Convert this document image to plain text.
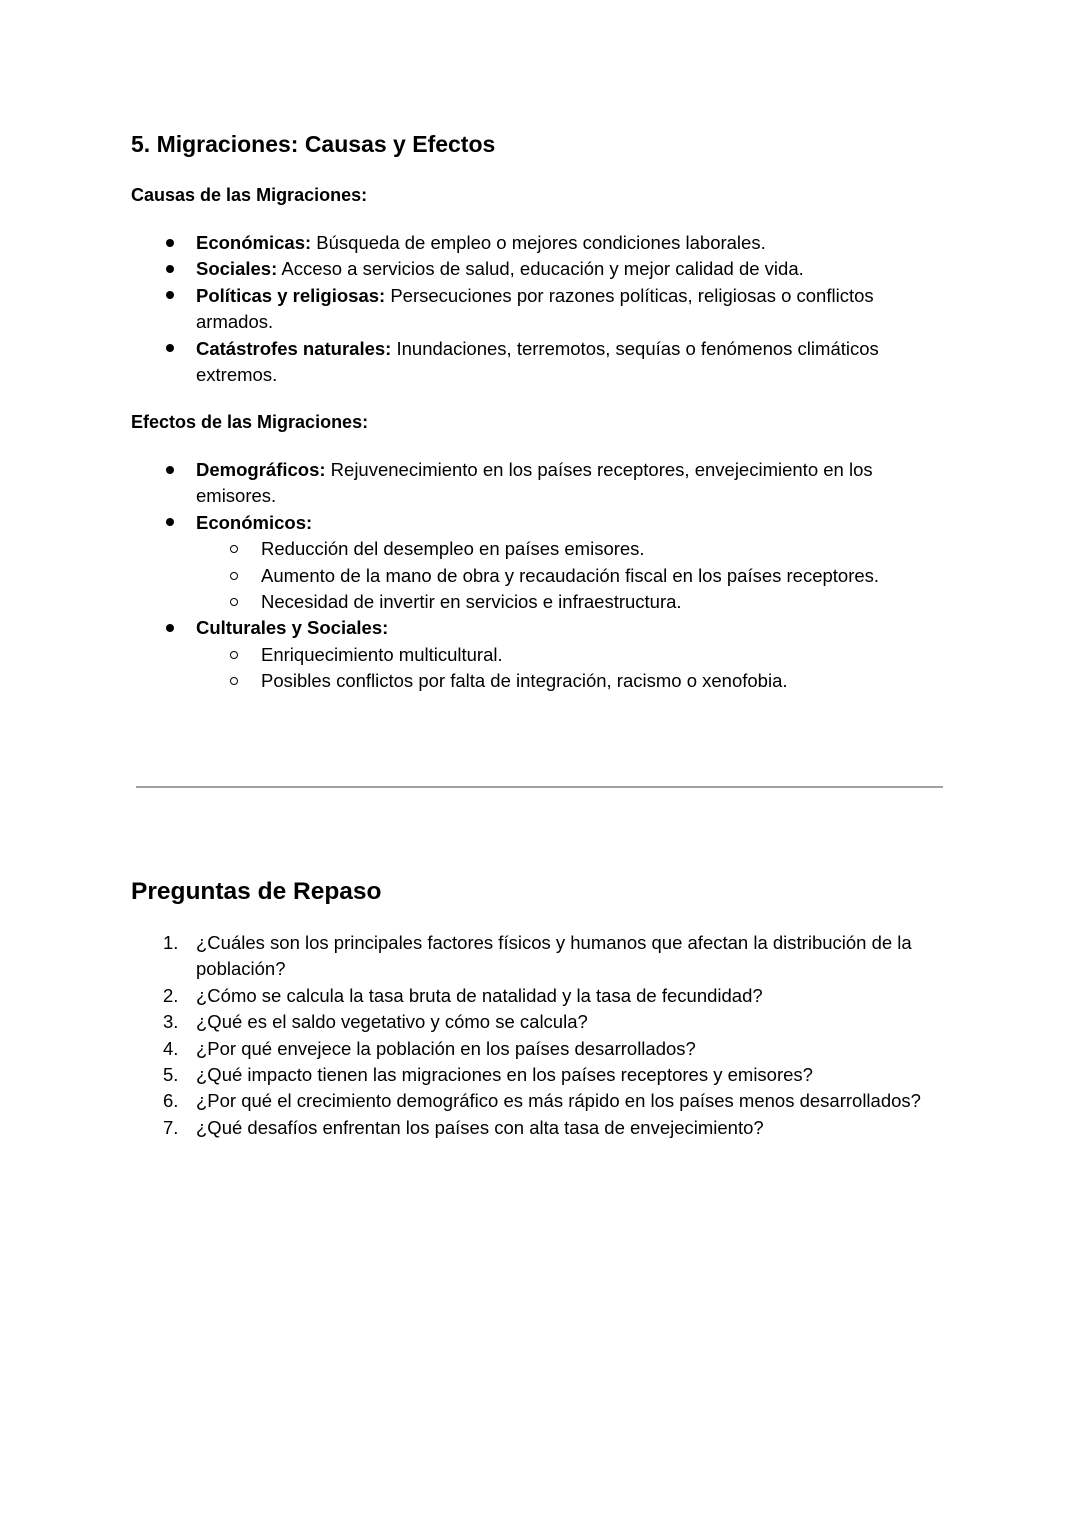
5. Migraciones: Causas y Efectos

Causas de las Migraciones:

Económicas: Búsqueda de empleo o mejores condiciones laborales.
Sociales: Acceso a servicios de salud, educación y mejor calidad de vida.
Políticas y religiosas: Persecuciones por razones políticas, religiosas o conflictos armados.
Catástrofes naturales: Inundaciones, terremotos, sequías o fenómenos climáticos extremos.

Efectos de las Migraciones:

Demográficos: Rejuvenecimiento en los países receptores, envejecimiento en los emisores.
Económicos:
Reducción del desempleo en países emisores.
Aumento de la mano de obra y recaudación fiscal en los países receptores.
Necesidad de invertir en servicios e infraestructura.
Culturales y Sociales:
Enriquecimiento multicultural.
Posibles conflictos por falta de integración, racismo o xenofobia.
Preguntas de Repaso
1. ¿Cuáles son los principales factores físicos y humanos que afectan la distribución de la población?
2. ¿Cómo se calcula la tasa bruta de natalidad y la tasa de fecundidad?
3. ¿Qué es el saldo vegetativo y cómo se calcula?
4. ¿Por qué envejece la población en los países desarrollados?
5. ¿Qué impacto tienen las migraciones en los países receptores y emisores?
6. ¿Por qué el crecimiento demográfico es más rápido en los países menos desarrollados?
7. ¿Qué desafíos enfrentan los países con alta tasa de envejecimiento?
